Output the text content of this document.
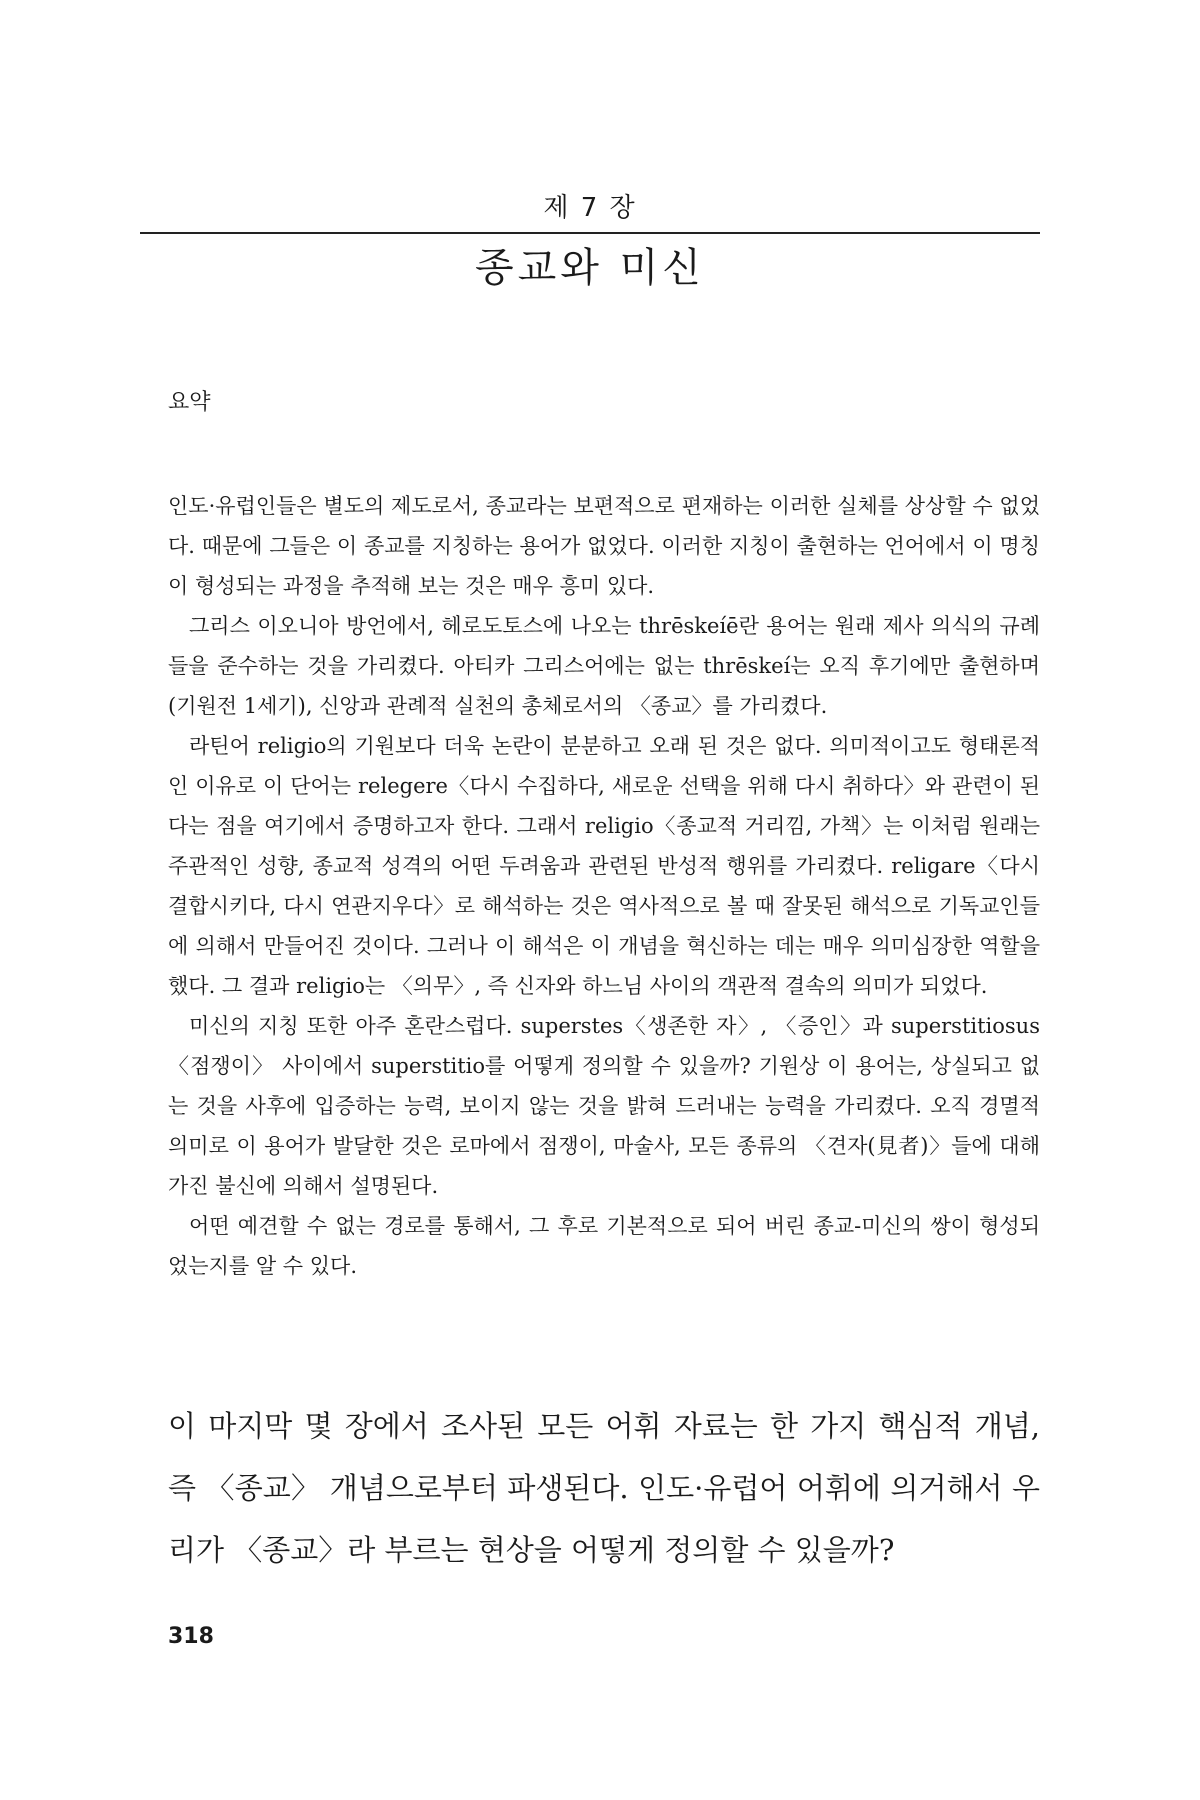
제 7 장
종교와 미신
요약

인도·유럽인들은 별도의 제도로서, 종교라는 보편적으로 편재하는 이러한 실체를 상상할 수 없었다. 때문에 그들은 이 종교를 지칭하는 용어가 없었다. 이러한 지칭이 출현하는 언어에서 이 명칭이 형성되는 과정을 추적해 보는 것은 매우 흥미 있다.

그리스 이오니아 방언에서, 헤로도토스에 나오는 thrēskeíē란 용어는 원래 제사 의식의 규례들을 준수하는 것을 가리켰다. 아티카 그리스어에는 없는 thrēskeí는 오직 후기에만 출현하며(기원전 1세기), 신앙과 관례적 실천의 총체로서의 〈종교〉를 가리켰다.

라틴어 religio의 기원보다 더욱 논란이 분분하고 오래 된 것은 없다. 의미적이고도 형태론적인 이유로 이 단어는 relegere〈다시 수집하다, 새로운 선택을 위해 다시 취하다〉와 관련이 된다는 점을 여기에서 증명하고자 한다. 그래서 religio〈종교적 거리낌, 가책〉는 이처럼 원래는 주관적인 성향, 종교적 성격의 어떤 두려움과 관련된 반성적 행위를 가리켰다. religare〈다시 결합시키다, 다시 연관지우다〉로 해석하는 것은 역사적으로 볼 때 잘못된 해석으로 기독교인들에 의해서 만들어진 것이다. 그러나 이 해석은 이 개념을 혁신하는 데는 매우 의미심장한 역할을 했다. 그 결과 religio는 〈의무〉, 즉 신자와 하느님 사이의 객관적 결속의 의미가 되었다.

미신의 지칭 또한 아주 혼란스럽다. superstes〈생존한 자〉, 〈증인〉과 superstitiosus〈점쟁이〉 사이에서 superstitio를 어떻게 정의할 수 있을까? 기원상 이 용어는, 상실되고 없는 것을 사후에 입증하는 능력, 보이지 않는 것을 밝혀 드러내는 능력을 가리켰다. 오직 경멸적 의미로 이 용어가 발달한 것은 로마에서 점쟁이, 마술사, 모든 종류의 〈견자(見者)〉들에 대해 가진 불신에 의해서 설명된다.

어떤 예견할 수 없는 경로를 통해서, 그 후로 기본적으로 되어 버린 종교-미신의 쌍이 형성되었는지를 알 수 있다.

이 마지막 몇 장에서 조사된 모든 어휘 자료는 한 가지 핵심적 개념, 즉 〈종교〉 개념으로부터 파생된다. 인도·유럽어 어휘에 의거해서 우리가 〈종교〉라 부르는 현상을 어떻게 정의할 수 있을까?

318
